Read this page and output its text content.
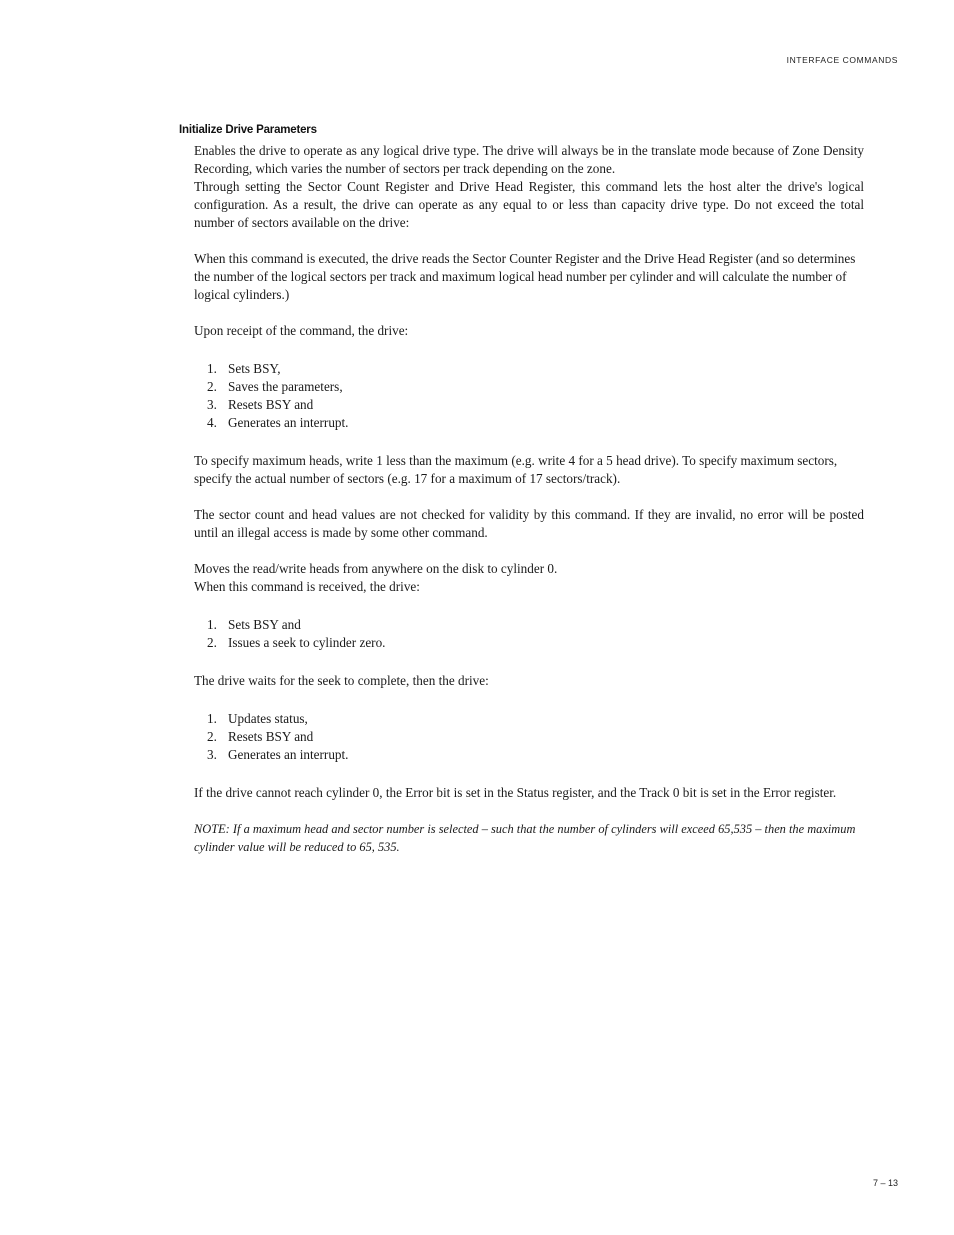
INTERFACE COMMANDS
Initialize Drive Parameters

Enables the drive to operate as any logical drive type. The drive will always be in the translate mode because of Zone Density Recording, which varies the number of sectors per track depending on the zone.

Through setting the Sector Count Register and Drive Head Register, this command lets the host alter the drive's logical configuration. As a result, the drive can operate as any equal to or less than capacity drive type. Do not exceed the total number of sectors available on the drive:

When this command is executed, the drive reads the Sector Counter Register and the Drive Head Register (and so determines the number of the logical sectors per track and maximum logical head number per cylinder and will calculate the number of logical cylinders.)

Upon receipt of the command, the drive:

1. Sets BSY,
2. Saves the parameters,
3. Resets BSY and
4. Generates an interrupt.

To specify maximum heads, write 1 less than the maximum (e.g. write 4 for a 5 head drive). To specify maximum sectors, specify the actual number of sectors (e.g. 17 for a maximum of 17 sectors/track).

The sector count and head values are not checked for validity by this command. If they are invalid, no error will be posted until an illegal access is made by some other command.

Moves the read/write heads from anywhere on the disk to cylinder 0.

When this command is received, the drive:

1. Sets BSY and
2. Issues a seek to cylinder zero.

The drive waits for the seek to complete, then the drive:

1. Updates status,
2. Resets BSY and
3. Generates an interrupt.

If the drive cannot reach cylinder 0, the Error bit is set in the Status register, and the Track 0 bit is set in the Error register.

NOTE: If a maximum head and sector number is selected – such that the number of cylinders will exceed 65,535 – then the maximum cylinder value will be reduced to 65, 535.

7 – 13
